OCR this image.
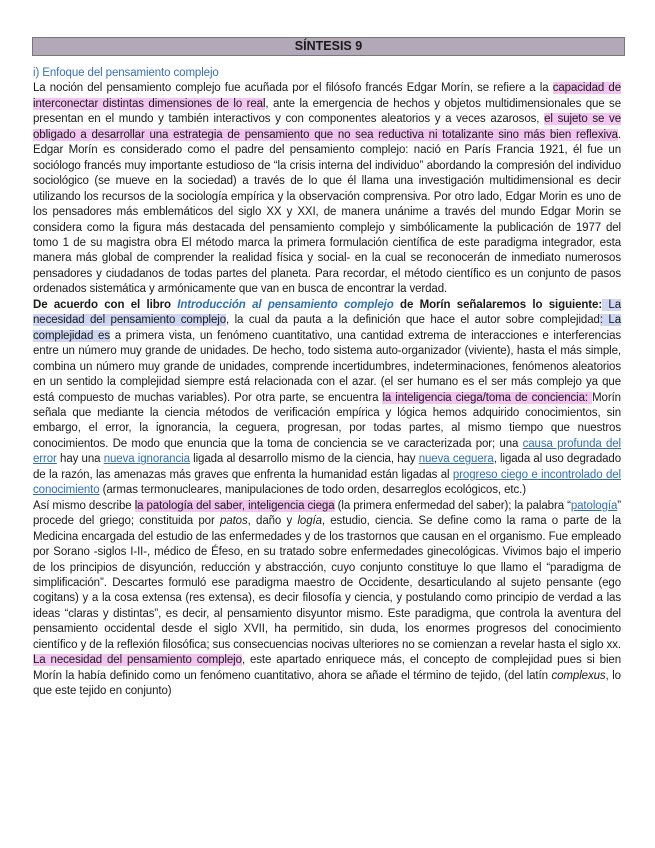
SÍNTESIS 9

i) Enfoque del pensamiento complejo

La noción del pensamiento complejo fue acuñada por el filósofo francés Edgar Morín, se refiere a la capacidad de interconectar distintas dimensiones de lo real, ante la emergencia de hechos y objetos multidimensionales que se presentan en el mundo y también interactivos y con componentes aleatorios y a veces azarosos, el sujeto se ve obligado a desarrollar una estrategia de pensamiento que no sea reductiva ni totalizante sino más bien reflexiva. Edgar Morín es considerado como el padre del pensamiento complejo: nació en París Francia 1921, él fue un sociólogo francés muy importante estudioso de “la crisis interna del individuo” abordando la compresión del individuo sociológico (se mueve en la sociedad) a través de lo que él llama una investigación multidimensional es decir utilizando los recursos de la sociología empírica y la observación comprensiva. Por otro lado, Edgar Morin es uno de los pensadores más emblemáticos del siglo XX y XXI, de manera unánime a través del mundo Edgar Morin se considera como la figura más destacada del pensamiento complejo y simbólicamente la publicación de 1977 del tomo 1 de su magistra obra El método marca la primera formulación científica de este paradigma integrador, esta manera más global de comprender la realidad física y social- en la cual se reconocerán de inmediato numerosos pensadores y ciudadanos de todas partes del planeta. Para recordar, el método científico es un conjunto de pasos ordenados sistemática y armónicamente que van en busca de encontrar la verdad.

De acuerdo con el libro Introducción al pensamiento complejo de Morín señalaremos lo siguiente: La necesidad del pensamiento complejo, la cual da pauta a la definición que hace el autor sobre complejidad: La complejidad es a primera vista, un fenómeno cuantitativo, una cantidad extrema de interacciones e interferencias entre un número muy grande de unidades. De hecho, todo sistema auto-organizador (viviente), hasta el más simple, combina un número muy grande de unidades, comprende incertidumbres, indeterminaciones, fenómenos aleatorios en un sentido la complejidad siempre está relacionada con el azar. (el ser humano es el ser más complejo ya que está compuesto de muchas variables). Por otra parte, se encuentra la inteligencia ciega/toma de conciencia: Morín señala que mediante la ciencia métodos de verificación empírica y lógica hemos adquirido conocimientos, sin embargo, el error, la ignorancia, la ceguera, progresan, por todas partes, al mismo tiempo que nuestros conocimientos. De modo que enuncia que la toma de conciencia se ve caracterizada por; una causa profunda del error hay una nueva ignorancia ligada al desarrollo mismo de la ciencia, hay nueva ceguera, ligada al uso degradado de la razón, las amenazas más graves que enfrenta la humanidad están ligadas al progreso ciego e incontrolado del conocimiento (armas termonucleares, manipulaciones de todo orden, desarreglos ecológicos, etc.)

Así mismo describe la patología del saber, inteligencia ciega (la primera enfermedad del saber); la palabra “patología” procede del griego; constituida por patos, daño y logía, estudio, ciencia. Se define como la rama o parte de la Medicina encargada del estudio de las enfermedades y de los trastornos que causan en el organismo. Fue empleado por Sorano -siglos I-II-, médico de Éfeso, en su tratado sobre enfermedades ginecológicas. Vivimos bajo el imperio de los principios de disyunción, reducción y abstracción, cuyo conjunto constituye lo que llamo el “paradigma de simplificación”. Descartes formuló ese paradigma maestro de Occidente, desarticulando al sujeto pensante (ego cogitans) y a la cosa extensa (res extensa), es decir filosofía y ciencia, y postulando como principio de verdad a las ideas “claras y distintas”, es decir, al pensamiento disyuntor mismo. Este paradigma, que controla la aventura del pensamiento occidental desde el siglo XVII, ha permitido, sin duda, los enormes progresos del conocimiento científico y de la reflexión filosófica; sus consecuencias nocivas ulteriores no se comienzan a revelar hasta el siglo xx. La necesidad del pensamiento complejo, este apartado enriquece más, el concepto de complejidad pues si bien Morín la había definido como un fenómeno cuantitativo, ahora se añade el término de tejido, (del latín complexus, lo que este tejido en conjunto)
